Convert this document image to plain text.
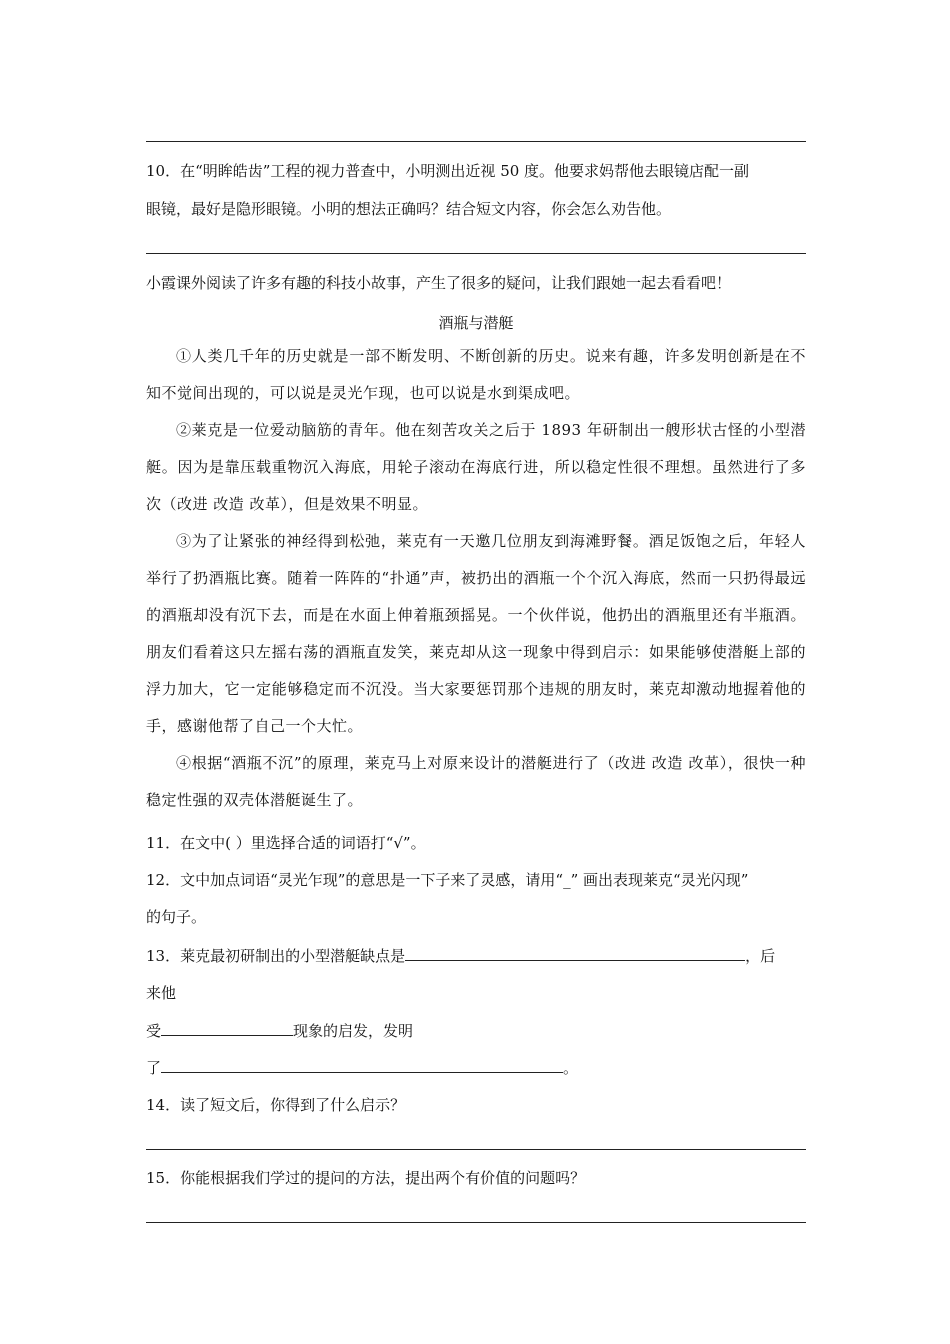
10．在“明眸皓齿”工程的视力普查中，小明测出近视 50 度。他要求妈帮他去眼镜店配一副
眼镜，最好是隐形眼镜。小明的想法正确吗？结合短文内容，你会怎么劝告他。
小霞课外阅读了许多有趣的科技小故事，产生了很多的疑问，让我们跟她一起去看看吧！
酒瓶与潜艇

①人类几千年的历史就是一部不断发明、不断创新的历史。说来有趣，许多发明创新是在不知不觉间出现的，可以说是灵光乍现，也可以说是水到渠成吧。

②莱克是一位爱动脑筋的青年。他在刻苦攻关之后于 1893 年研制出一艘形状古怪的小型潜艇。因为是靠压载重物沉入海底，用轮子滚动在海底行进，所以稳定性很不理想。虽然进行了多次（改进 改造 改革），但是效果不明显。

③为了让紧张的神经得到松弛，莱克有一天邀几位朋友到海滩野餐。酒足饭饱之后，年轻人举行了扔酒瓶比赛。随着一阵阵的“扑通”声，被扔出的酒瓶一个个沉入海底，然而一只扔得最远的酒瓶却没有沉下去，而是在水面上伸着瓶颈摇晃。一个伙伴说，他扔出的酒瓶里还有半瓶酒。朋友们看着这只左摇右荡的酒瓶直发笑，莱克却从这一现象中得到启示：如果能够使潜艇上部的浮力加大，它一定能够稳定而不沉没。当大家要惩罚那个违规的朋友时，莱克却激动地握着他的手，感谢他帮了自己一个大忙。

④根据“酒瓶不沉”的原理，莱克马上对原来设计的潜艇进行了（改进 改造 改革），很快一种稳定性强的双壳体潜艇诞生了。

11．在文中( ）里选择合适的词语打“√”。
12．文中加点词语“灵光乍现”的意思是一下子来了灵感，请用“_” 画出表现莱克“灵光闪现”
的句子。
13．莱克最初研制出的小型潜艇缺点是	，后
来他
受	现象的启发，发明
了	。
14．读了短文后，你得到了什么启示？
15．你能根据我们学过的提问的方法，提出两个有价值的问题吗？
